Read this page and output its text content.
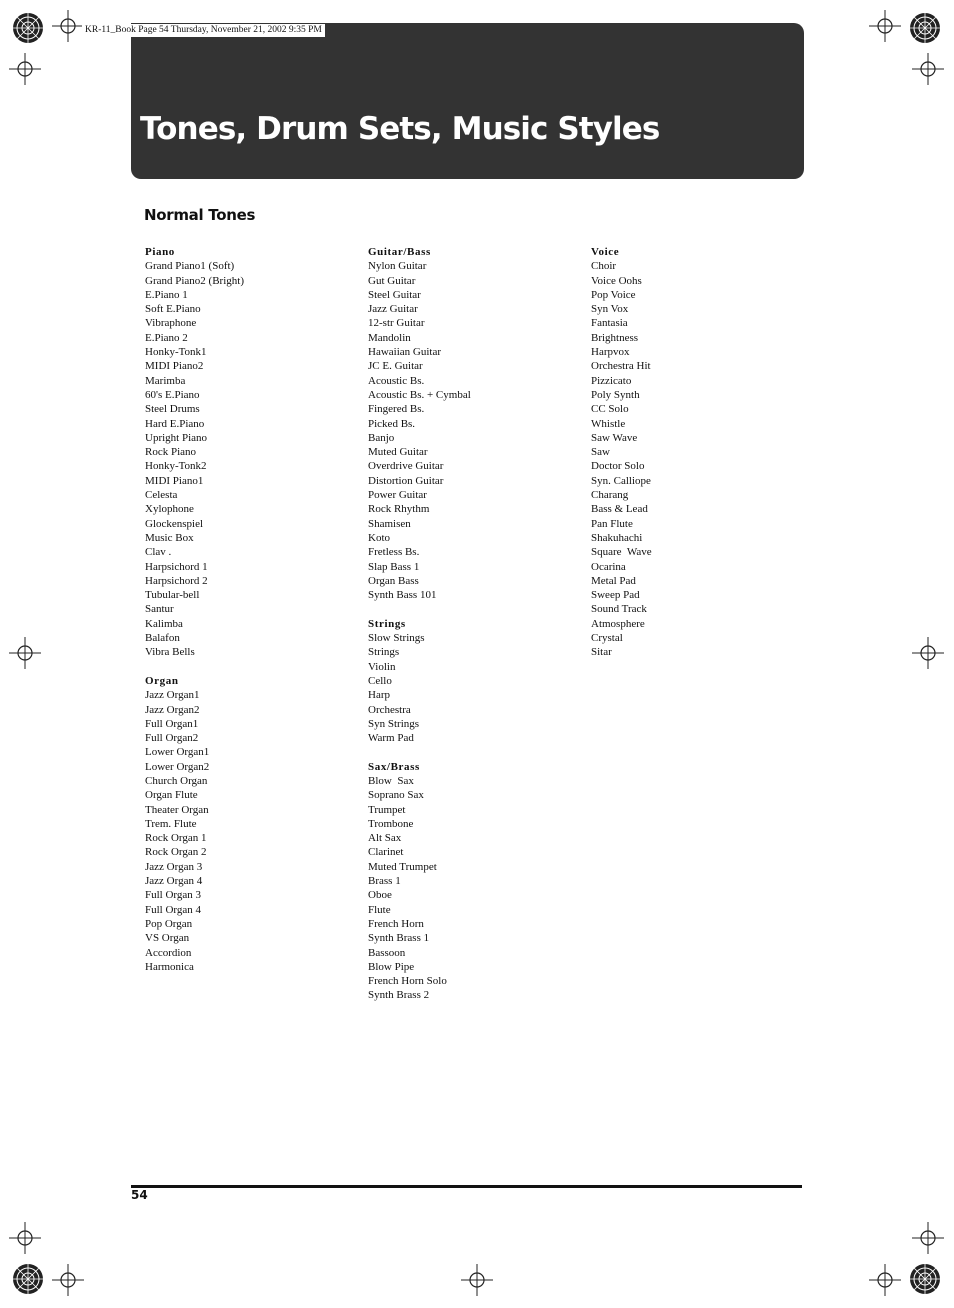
KR-11_Book Page 54 Thursday, November 21, 2002 9:35 PM
Tones, Drum Sets, Music Styles
Normal Tones
Piano
Grand Piano1 (Soft)
Grand Piano2 (Bright)
E.Piano 1
Soft E.Piano
Vibraphone
E.Piano 2
Honky-Tonk1
MIDI Piano2
Marimba
60's E.Piano
Steel Drums
Hard E.Piano
Upright Piano
Rock Piano
Honky-Tonk2
MIDI Piano1
Celesta
Xylophone
Glockenspiel
Music Box
Clav .
Harpsichord 1
Harpsichord 2
Tubular-bell
Santur
Kalimba
Balafon
Vibra Bells
Organ
Jazz Organ1
Jazz Organ2
Full Organ1
Full Organ2
Lower Organ1
Lower Organ2
Church Organ
Organ Flute
Theater Organ
Trem. Flute
Rock Organ 1
Rock Organ 2
Jazz Organ 3
Jazz Organ 4
Full Organ 3
Full Organ 4
Pop Organ
VS Organ
Accordion
Harmonica
Guitar/Bass
Nylon Guitar
Gut Guitar
Steel Guitar
Jazz Guitar
12-str Guitar
Mandolin
Hawaiian Guitar
JC E. Guitar
Acoustic Bs.
Acoustic Bs. + Cymbal
Fingered Bs.
Picked Bs.
Banjo
Muted Guitar
Overdrive Guitar
Distortion Guitar
Power Guitar
Rock Rhythm
Shamisen
Koto
Fretless Bs.
Slap Bass 1
Organ Bass
Synth Bass 101
Strings
Slow Strings
Strings
Violin
Cello
Harp
Orchestra
Syn Strings
Warm Pad
Sax/Brass
Blow  Sax
Soprano Sax
Trumpet
Trombone
Alt Sax
Clarinet
Muted Trumpet
Brass 1
Oboe
Flute
French Horn
Synth Brass 1
Bassoon
Blow Pipe
French Horn Solo
Synth Brass 2
Voice
Choir
Voice Oohs
Pop Voice
Syn Vox
Fantasia
Brightness
Harpvox
Orchestra Hit
Pizzicato
Poly Synth
CC Solo
Whistle
Saw Wave
Saw
Doctor Solo
Syn. Calliope
Charang
Bass & Lead
Pan Flute
Shakuhachi
Square  Wave
Ocarina
Metal Pad
Sweep Pad
Sound Track
Atmosphere
Crystal
Sitar
54
